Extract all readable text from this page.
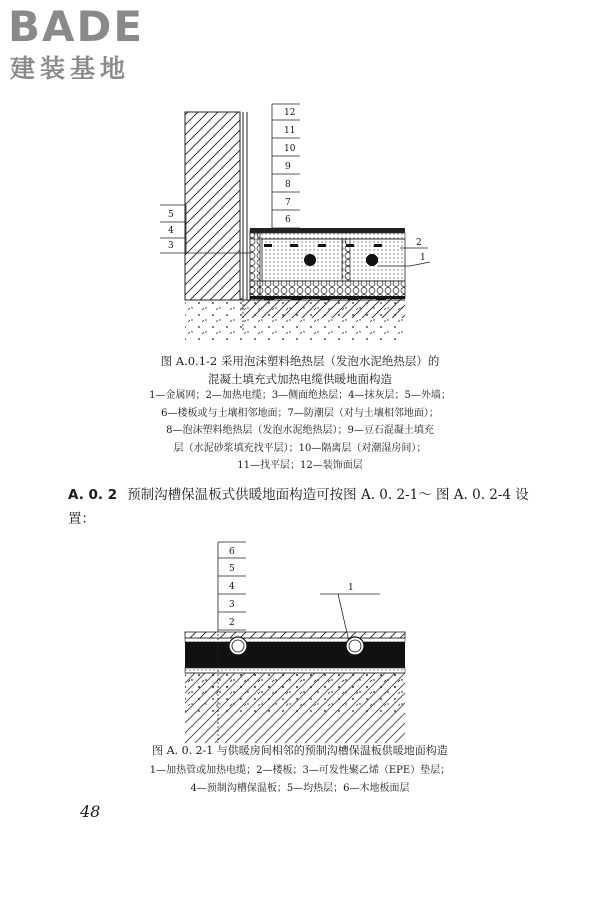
BADE
建装基地
12
11
10
9
8
7
6
5
4
3	2
1
图 A.0.1-2 采用泡沫塑料绝热层（发泡水泥绝热层）的
混凝土填充式加热电缆供暖地面构造
1—金属网；2—加热电缆；3—侧面绝热层；4—抹灰层；5—外墙；
6—楼板或与土壤相邻地面；7—防潮层（对与土壤相邻地面）；
8—泡沫塑料绝热层（发泡水泥绝热层）；9—豆石混凝土填充
层（水泥砂浆填充找平层）；10—隔离层（对潮湿房间）；
11—找平层；12—装饰面层
A. 0. 2 预制沟槽保温板式供暖地面构造可按图 A. 0. 2-1～ 图 A. 0. 2-4 设置：
6
5
4
3
2
1
图 A. 0. 2-1 与供暖房间相邻的预制沟槽保温板供暖地面构造
1—加热管或加热电缆；2—楼板；3—可发性聚乙烯（EPE）垫层；
4—预制沟槽保温板；5—均热层；6—木地板面层
48
